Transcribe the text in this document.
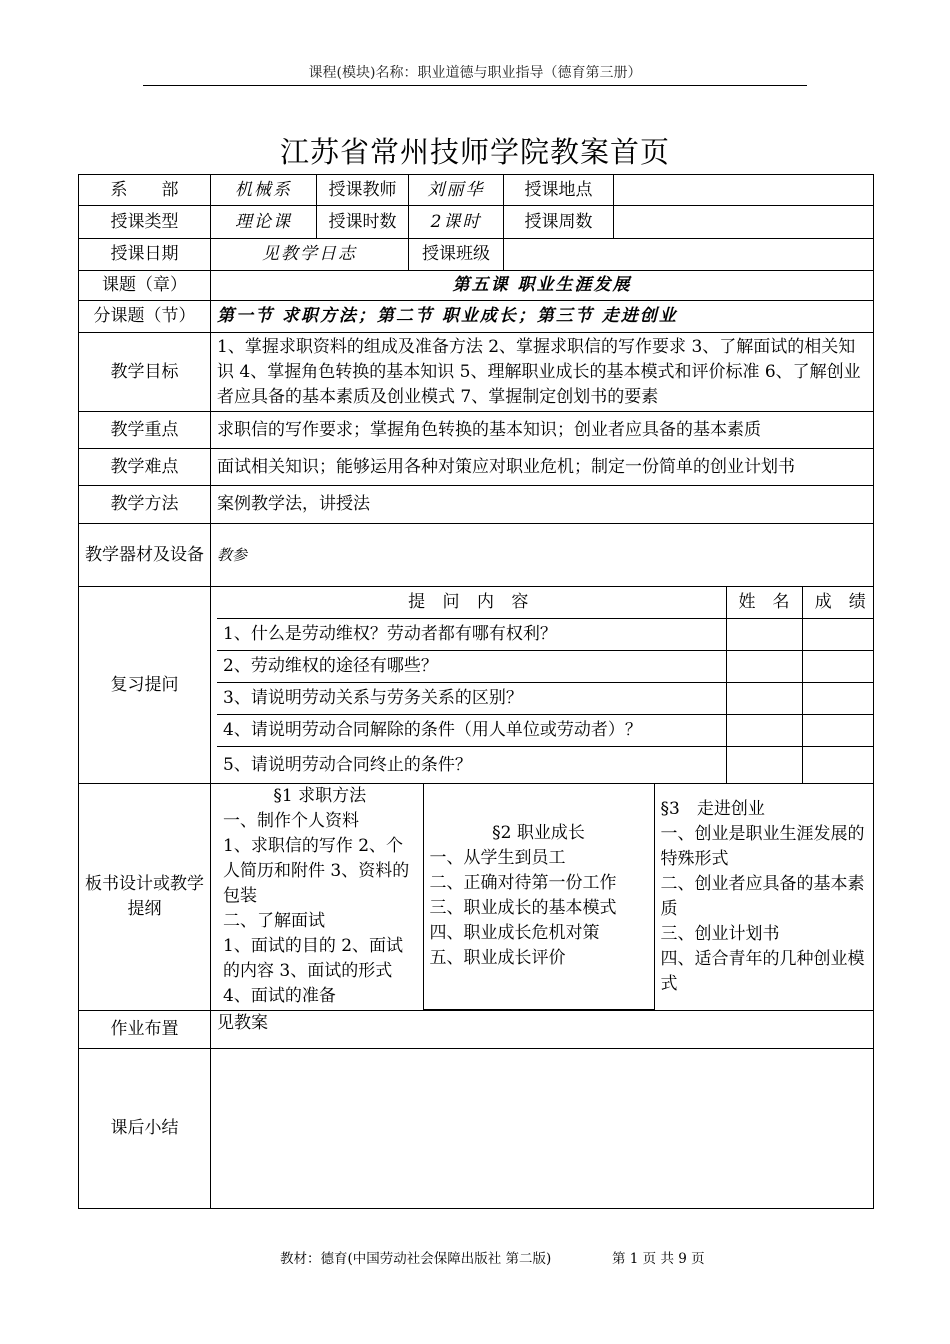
课程(模块)名称：职业道德与职业指导（德育第三册）
江苏省常州技师学院教案首页
系　　部	机械系	授课教师	刘丽华	授课地点	
授课类型	理论课	授课时数	2课时	授课周数	
授课日期	见教学日志	授课班级	
课题（章）	第五课 职业生涯发展
分课题（节）	第一节 求职方法；第二节 职业成长；第三节 走进创业
教学目标	1、掌握求职资料的组成及准备方法 2、掌握求职信的写作要求 3、了解面试的相关知识 4、掌握角色转换的基本知识 5、理解职业成长的基本模式和评价标准 6、了解创业者应具备的基本素质及创业模式 7、掌握制定创划书的要素
教学重点	求职信的写作要求；掌握角色转换的基本知识；创业者应具备的基本素质
教学难点	面试相关知识；能够运用各种对策应对职业危机；制定一份简单的创业计划书
教学方法	案例教学法，讲授法
教学器材及设备	教参
复习提问	
提 问 内 容	姓　名	成　绩
1、什么是劳动维权？劳动者都有哪有权利？		
2、劳动维权的途径有哪些？		
3、请说明劳动关系与劳务关系的区别？		
4、请说明劳动合同解除的条件（用人单位或劳动者）？		
5、请说明劳动合同终止的条件？		

板书设计或教学提纲	
§1 求职方法
一、制作个人资料
1、求职信的写作 2、个人简历和附件 3、资料的包装
二、了解面试
1、面试的目的 2、面试的内容 3、面试的形式 4、面试的准备

§2 职业成长
一、从学生到员工
二、正确对待第一份工作
三、职业成长的基本模式
四、职业成长危机对策
五、职业成长评价

§3　走进创业
一、创业是职业生涯发展的特殊形式
二、创业者应具备的基本素质
三、创业计划书
四、适合青年的几种创业模式

作业布置	见教案
课后小结	
教材：德育(中国劳动社会保障出版社 第二版)	第 1 页 共 9 页
